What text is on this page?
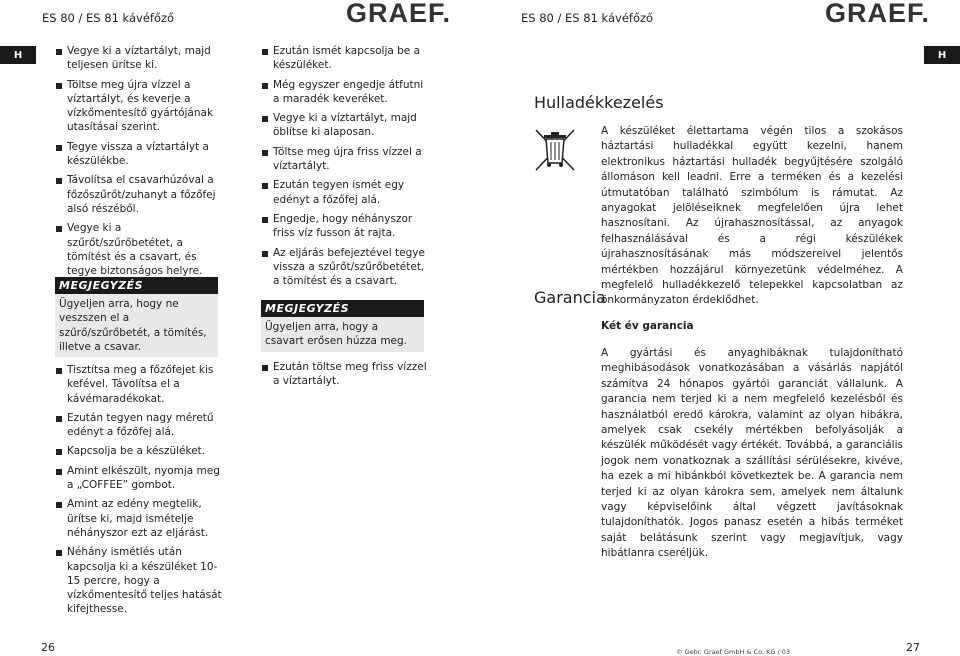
ES 80 / ES 81 kávéfőző	GRAEF.	ES 80 / ES 81 kávéfőző	GRAEF.
H	H
Vegye ki a víztartályt, majd teljesen ürítse ki.
Töltse meg újra vízzel a víztartályt, és keverje a vízkőmentesítő gyártójának utasításai szerint.
Tegye vissza a víztartályt a készülékbe.
Távolítsa el csavarhúzóval a főzőszűrőt/zuhanyt a főzőfej alsó részéből.
Vegye ki a szűrőt/szűrőbetétet, a tömítést és a csavart, és tegye biztonságos helyre.
MEGJEGYZÉS
Ügyeljen arra, hogy ne veszszen el a szűrő/szűrőbetét, a tömítés, illetve a csavar.
Tisztítsa meg a főzőfejet kis kefével. Távolítsa el a kávémaradékokat.
Ezután tegyen nagy méretű edényt a főzőfej alá.
Kapcsolja be a készüléket.
Amint elkészült, nyomja meg a „COFFEE” gombot.
Amint az edény megtelik, ürítse ki, majd ismételje néhányszor ezt az eljárást.
Néhány ismétlés után kapcsolja ki a készüléket 10-15 percre, hogy a vízkőmentesítő teljes hatását kifejthesse.
Ezután ismét kapcsolja be a készüléket.
Még egyszer engedje átfutni a maradék keveréket.
Vegye ki a víztartályt, majd öblítse ki alaposan.
Töltse meg újra friss vízzel a víztartályt.
Ezután tegyen ismét egy edényt a főzőfej alá.
Engedje, hogy néhányszor friss víz fusson át rajta.
Az eljárás befejeztével tegye vissza a szűrőt/szűrőbetétet, a tömítést és a csavart.
MEGJEGYZÉS
Ügyeljen arra, hogy a csavart erősen húzza meg.
Ezután töltse meg friss vízzel a víztartályt.
Hulladékkezelés
A készüléket élettartama végén tilos a szokásos háztartási hulladékkal együtt kezelni, hanem elektronikus háztartási hulladék begyűjtésére szolgáló állomáson kell leadni. Erre a terméken és a kezelési útmutatóban található szimbólum is rámutat. Az anyagokat jelöléseiknek megfelelően újra lehet hasznosítani. Az újrahasznosítással, az anyagok felhasználásával és a régi készülékek újrahasznosításának más módszereivel jelentős mértékben hozzájárul környezetünk védelméhez. A megfelelő hulladékkezelő telepekkel kapcsolatban az önkormányzaton érdeklődhet.
Garancia
Két év garancia
A gyártási és anyaghibáknak tulajdonítható meghibásodások vonatkozásában a vásárlás napjától számítva 24 hónapos gyártói garanciát vállalunk. A garancia nem terjed ki a nem megfelelő kezelésből és használatból eredő károkra, valamint az olyan hibákra, amelyek csak csekély mértékben befolyásolják a készülék működését vagy értékét. Továbbá, a garanciális jogok nem vonatkoznak a szállítási sérülésekre, kivéve, ha ezek a mi hibánkból következtek be. A garancia nem terjed ki az olyan károkra sem, amelyek nem általunk vagy képviselőink által végzett javításoknak tulajdoníthatók. Jogos panasz esetén a hibás terméket saját belátásunk szerint vagy megjavítjuk, vagy hibátlanra cseréljük.
26	© Gebr. Graef GmbH & Co. KG / 03	27
